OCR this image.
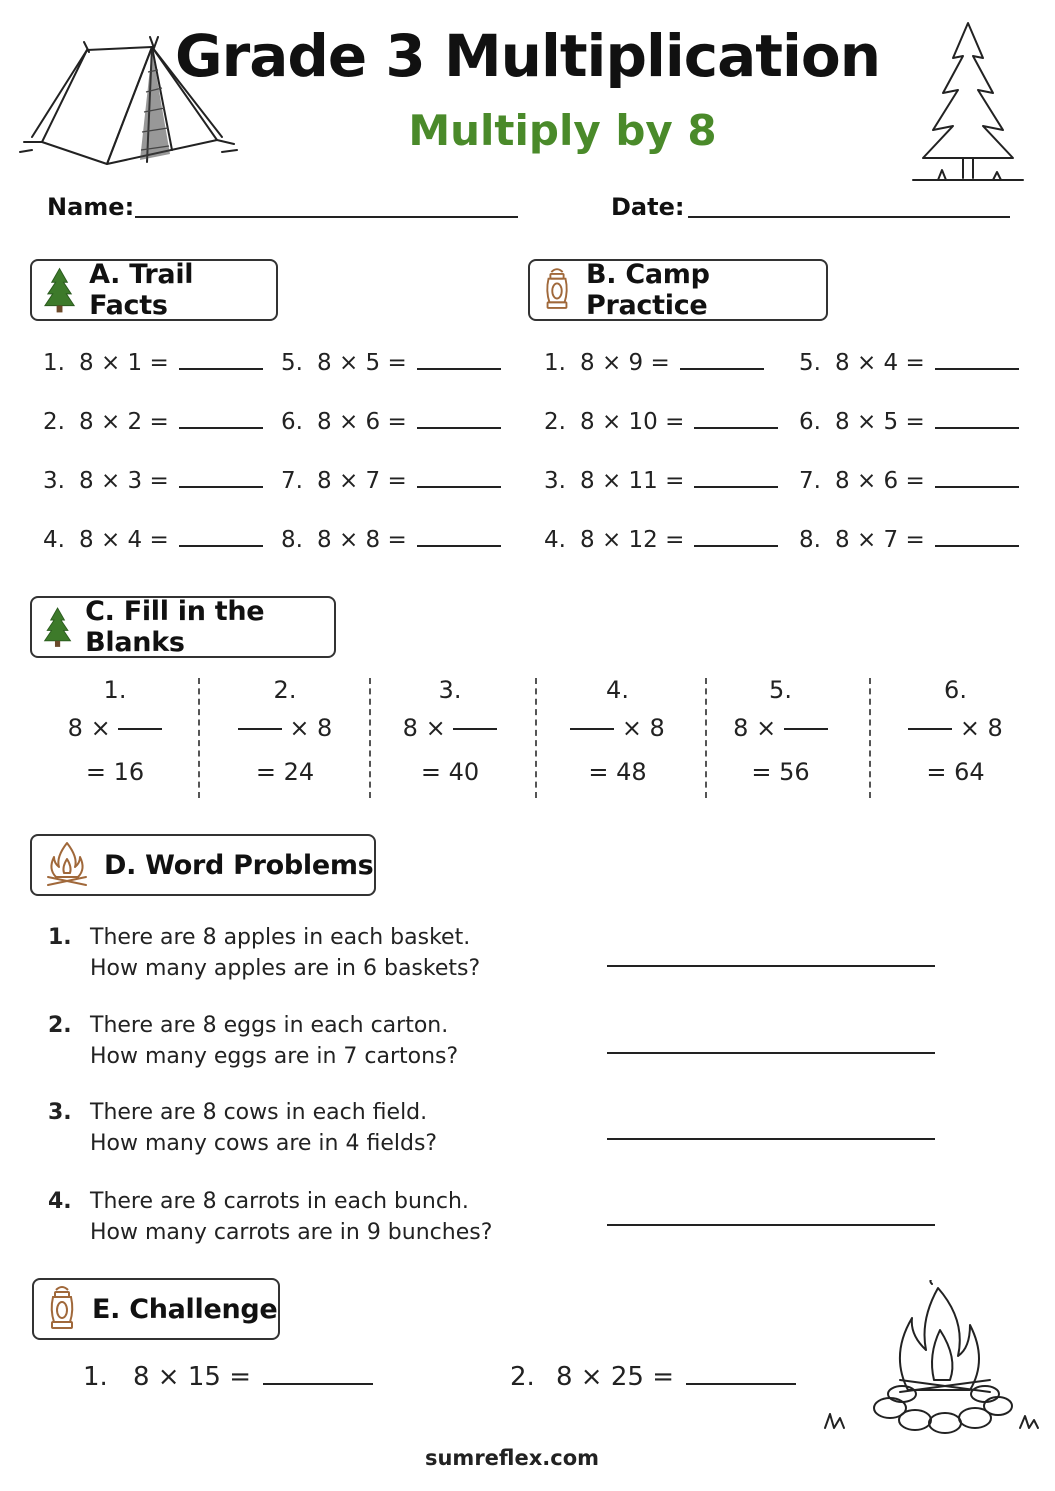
Grade 3 Multiplication
Multiply by 8
Name:	Date:
A. Trail Facts
B. Camp Practice
1. 8 × 1 =
2. 8 × 2 =
3. 8 × 3 =
4. 8 × 4 =
5. 8 × 5 =
6. 8 × 6 =
7. 8 × 7 =
8. 8 × 8 =
1. 8 × 9 =
2. 8 × 10 =
3. 8 × 11 =
4. 8 × 12 =
5. 8 × 4 =
6. 8 × 5 =
7. 8 × 6 =
8. 8 × 7 =
C. Fill in the Blanks
1.
8 ×
= 16
2.
× 8
= 24
3.
8 ×
= 40
4.
× 8
= 48
5.
8 ×
= 56
6.
× 8
= 64
D. Word Problems
1. There are 8 apples in each basket.
How many apples are in 6 baskets?
2. There are 8 eggs in each carton.
How many eggs are in 7 cartons?
3. There are 8 cows in each field.
How many cows are in 4 fields?
4. There are 8 carrots in each bunch.
How many carrots are in 9 bunches?
E. Challenge
1. 8 × 15 =	2. 8 × 25 =
sumreflex.com
